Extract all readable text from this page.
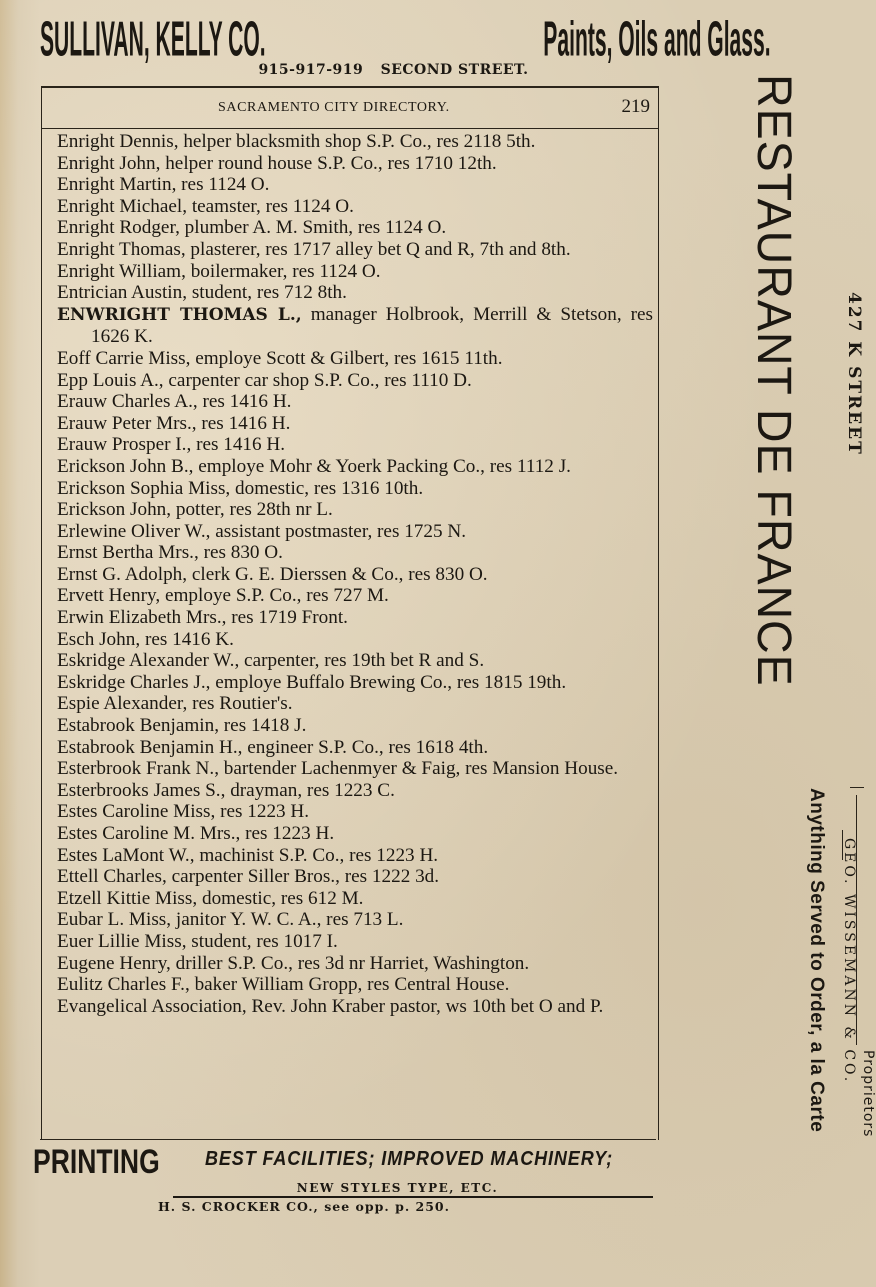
SULLIVAN, KELLY CO.	Paints, Oils and Glass.
915-917-919 SECOND STREET.
SACRAMENTO CITY DIRECTORY.	219
Enright Dennis, helper blacksmith shop S.P. Co., res 2118 5th.
Enright John, helper round house S.P. Co., res 1710 12th.
Enright Martin, res 1124 O.
Enright Michael, teamster, res 1124 O.
Enright Rodger, plumber A. M. Smith, res 1124 O.
Enright Thomas, plasterer, res 1717 alley bet Q and R, 7th and 8th.
Enright William, boilermaker, res 1124 O.
Entrician Austin, student, res 712 8th.
ENWRIGHT THOMAS L., manager Holbrook, Merrill & Stetson, res 1626 K.
Eoff Carrie Miss, employe Scott & Gilbert, res 1615 11th.
Epp Louis A., carpenter car shop S.P. Co., res 1110 D.
Erauw Charles A., res 1416 H.
Erauw Peter Mrs., res 1416 H.
Erauw Prosper I., res 1416 H.
Erickson John B., employe Mohr & Yoerk Packing Co., res 1112 J.
Erickson Sophia Miss, domestic, res 1316 10th.
Erickson John, potter, res 28th nr L.
Erlewine Oliver W., assistant postmaster, res 1725 N.
Ernst Bertha Mrs., res 830 O.
Ernst G. Adolph, clerk G. E. Dierssen & Co., res 830 O.
Ervett Henry, employe S.P. Co., res 727 M.
Erwin Elizabeth Mrs., res 1719 Front.
Esch John, res 1416 K.
Eskridge Alexander W., carpenter, res 19th bet R and S.
Eskridge Charles J., employe Buffalo Brewing Co., res 1815 19th.
Espie Alexander, res Routier's.
Estabrook Benjamin, res 1418 J.
Estabrook Benjamin H., engineer S.P. Co., res 1618 4th.
Esterbrook Frank N., bartender Lachenmyer & Faig, res Mansion House.
Esterbrooks James S., drayman, res 1223 C.
Estes Caroline Miss, res 1223 H.
Estes Caroline M. Mrs., res 1223 H.
Estes LaMont W., machinist S.P. Co., res 1223 H.
Ettell Charles, carpenter Siller Bros., res 1222 3d.
Etzell Kittie Miss, domestic, res 612 M.
Eubar L. Miss, janitor Y. W. C. A., res 713 L.
Euer Lillie Miss, student, res 1017 I.
Eugene Henry, driller S.P. Co., res 3d nr Harriet, Washington.
Eulitz Charles F., baker William Gropp, res Central House.
Evangelical Association, Rev. John Kraber pastor, ws 10th bet O and P.
PRINTING BEST FACILITIES; IMPROVED MACHINERY;
NEW STYLES TYPE, ETC.
H. S. CROCKER CO., see opp. p. 250.
RESTAURANT DE FRANCE	427 K STREET
Anything Served to Order, a la Carte GEO. WISSEMANN & CO.
Proprietors
